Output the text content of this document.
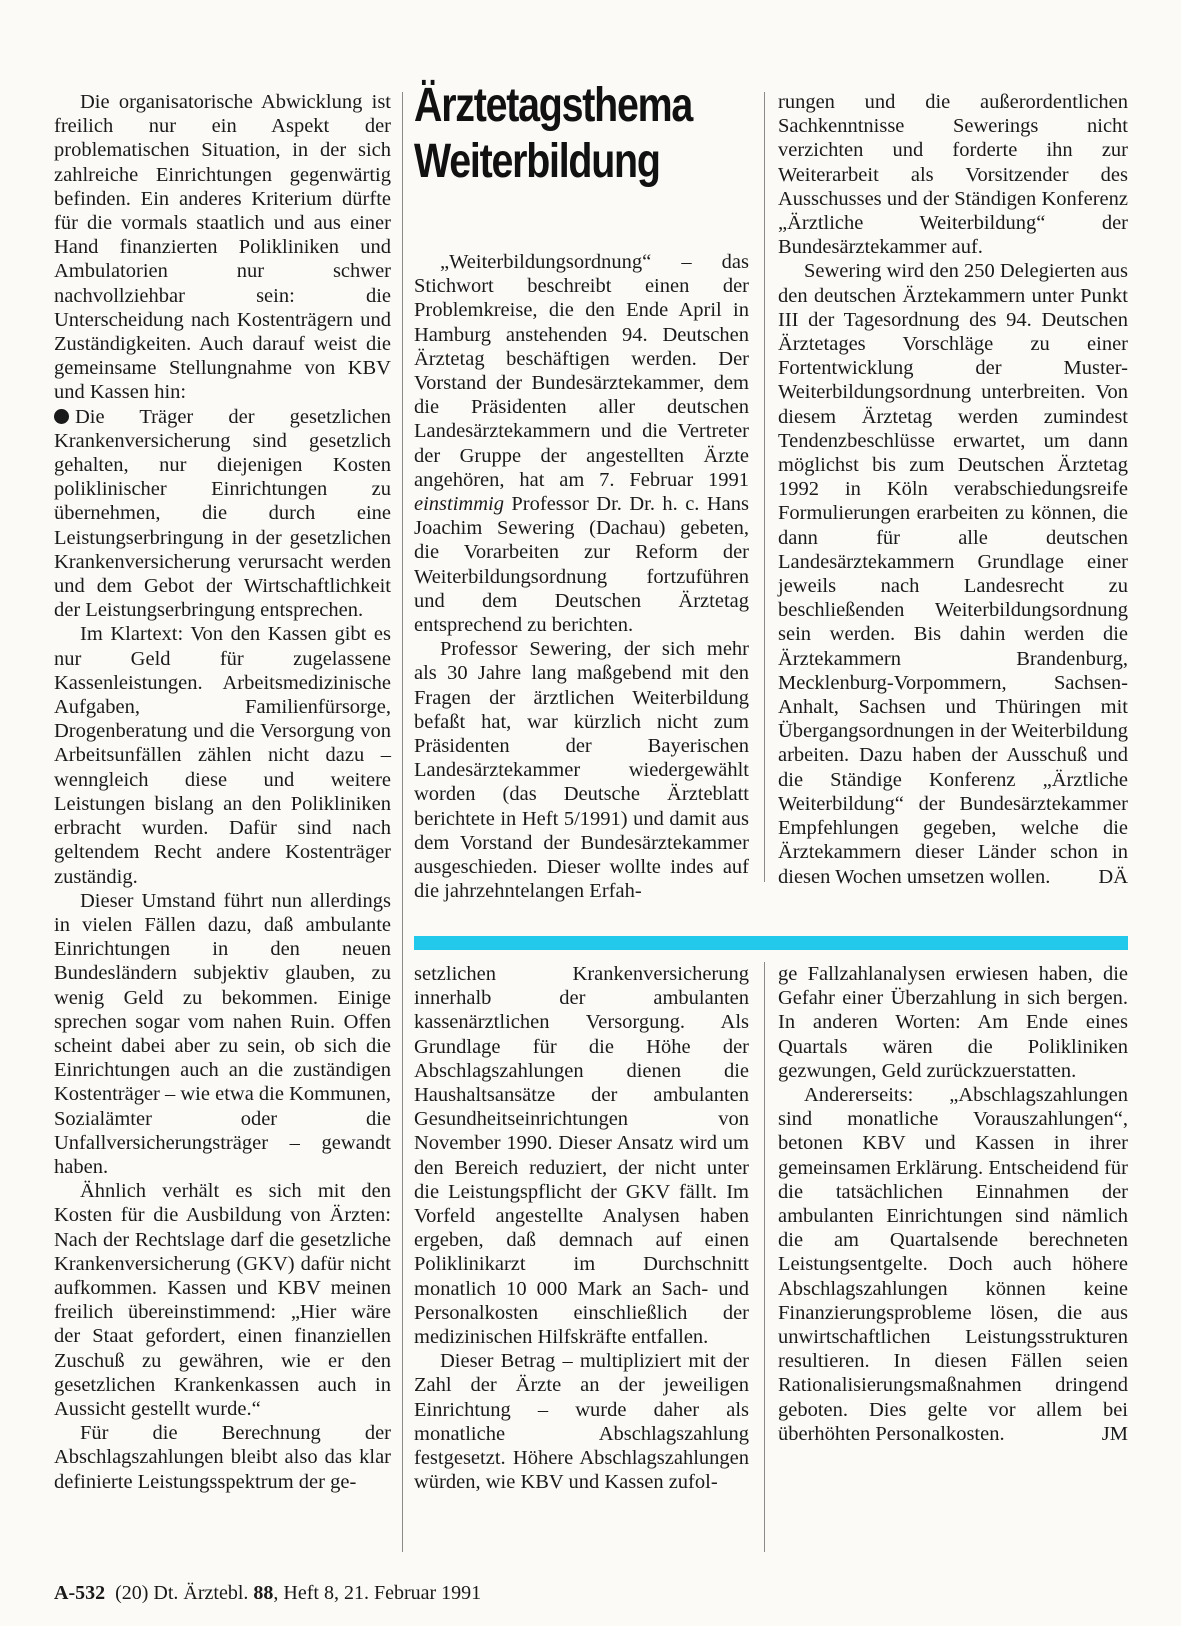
Die organisatorische Abwicklung ist freilich nur ein Aspekt der problematischen Situation, in der sich zahlreiche Einrichtungen gegenwärtig befinden. Ein anderes Kriterium dürfte für die vormals staatlich und aus einer Hand finanzierten Polikliniken und Ambulatorien nur schwer nachvollziehbar sein: die Unterscheidung nach Kostenträgern und Zuständigkeiten. Auch darauf weist die gemeinsame Stellungnahme von KBV und Kassen hin:

Die Träger der gesetzlichen Krankenversicherung sind gesetzlich gehalten, nur diejenigen Kosten poliklinischer Einrichtungen zu übernehmen, die durch eine Leistungserbringung in der gesetzlichen Krankenversicherung verursacht werden und dem Gebot der Wirtschaftlichkeit der Leistungserbringung entsprechen.

Im Klartext: Von den Kassen gibt es nur Geld für zugelassene Kassenleistungen. Arbeitsmedizinische Aufgaben, Familienfürsorge, Drogenberatung und die Versorgung von Arbeitsunfällen zählen nicht dazu – wenngleich diese und weitere Leistungen bislang an den Polikliniken erbracht wurden. Dafür sind nach geltendem Recht andere Kostenträger zuständig.

Dieser Umstand führt nun allerdings in vielen Fällen dazu, daß ambulante Einrichtungen in den neuen Bundesländern subjektiv glauben, zu wenig Geld zu bekommen. Einige sprechen sogar vom nahen Ruin. Offen scheint dabei aber zu sein, ob sich die Einrichtungen auch an die zuständigen Kostenträger – wie etwa die Kommunen, Sozialämter oder die Unfallversicherungsträger – gewandt haben.

Ähnlich verhält es sich mit den Kosten für die Ausbildung von Ärzten: Nach der Rechtslage darf die gesetzliche Krankenversicherung (GKV) dafür nicht aufkommen. Kassen und KBV meinen freilich übereinstimmend: „Hier wäre der Staat gefordert, einen finanziellen Zuschuß zu gewähren, wie er den gesetzlichen Krankenkassen auch in Aussicht gestellt wurde.“

Für die Berechnung der Abschlagszahlungen bleibt also das klar definierte Leistungsspektrum der ge-

Ärztetagsthema
Weiterbildung

„Weiterbildungsordnung“ – das Stichwort beschreibt einen der Problemkreise, die den Ende April in Hamburg anstehenden 94. Deutschen Ärztetag beschäftigen werden. Der Vorstand der Bundesärztekammer, dem die Präsidenten aller deutschen Landesärztekammern und die Vertreter der Gruppe der angestellten Ärzte angehören, hat am 7. Februar 1991 einstimmig Professor Dr. Dr. h. c. Hans Joachim Sewering (Dachau) gebeten, die Vorarbeiten zur Reform der Weiterbildungsordnung fortzuführen und dem Deutschen Ärztetag entsprechend zu berichten.

Professor Sewering, der sich mehr als 30 Jahre lang maßgebend mit den Fragen der ärztlichen Weiterbildung befaßt hat, war kürzlich nicht zum Präsidenten der Bayerischen Landesärztekammer wiedergewählt worden (das Deutsche Ärzteblatt berichtete in Heft 5/1991) und damit aus dem Vorstand der Bundesärztekammer ausgeschieden. Dieser wollte indes auf die jahrzehntelangen Erfah-

rungen und die außerordentlichen Sachkenntnisse Sewerings nicht verzichten und forderte ihn zur Weiterarbeit als Vorsitzender des Ausschusses und der Ständigen Konferenz „Ärztliche Weiterbildung“ der Bundesärztekammer auf.

Sewering wird den 250 Delegierten aus den deutschen Ärztekammern unter Punkt III der Tagesordnung des 94. Deutschen Ärztetages Vorschläge zu einer Fortentwicklung der Muster-Weiterbildungsordnung unterbreiten. Von diesem Ärztetag werden zumindest Tendenzbeschlüsse erwartet, um dann möglichst bis zum Deutschen Ärztetag 1992 in Köln verabschiedungsreife Formulierungen erarbeiten zu können, die dann für alle deutschen Landesärztekammern Grundlage einer jeweils nach Landesrecht zu beschließenden Weiterbildungsordnung sein werden. Bis dahin werden die Ärztekammern Brandenburg, Mecklenburg-Vorpommern, Sachsen-Anhalt, Sachsen und Thüringen mit Übergangsordnungen in der Weiterbildung arbeiten. Dazu haben der Ausschuß und die Ständige Konferenz „Ärztliche Weiterbildung“ der Bundesärztekammer Empfehlungen gegeben, welche die Ärztekammern dieser Länder schon in diesen Wochen umsetzen wollen. DÄ

setzlichen Krankenversicherung innerhalb der ambulanten kassenärztlichen Versorgung. Als Grundlage für die Höhe der Abschlagszahlungen dienen die Haushaltsansätze der ambulanten Gesundheitseinrichtungen von November 1990. Dieser Ansatz wird um den Bereich reduziert, der nicht unter die Leistungspflicht der GKV fällt. Im Vorfeld angestellte Analysen haben ergeben, daß demnach auf einen Poliklinikarzt im Durchschnitt monatlich 10 000 Mark an Sach- und Personalkosten einschließlich der medizinischen Hilfskräfte entfallen.

Dieser Betrag – multipliziert mit der Zahl der Ärzte an der jeweiligen Einrichtung – wurde daher als monatliche Abschlagszahlung festgesetzt. Höhere Abschlagszahlungen würden, wie KBV und Kassen zufol-

ge Fallzahlanalysen erwiesen haben, die Gefahr einer Überzahlung in sich bergen. In anderen Worten: Am Ende eines Quartals wären die Polikliniken gezwungen, Geld zurückzuerstatten.

Andererseits: „Abschlagszahlungen sind monatliche Vorauszahlungen“, betonen KBV und Kassen in ihrer gemeinsamen Erklärung. Entscheidend für die tatsächlichen Einnahmen der ambulanten Einrichtungen sind nämlich die am Quartalsende berechneten Leistungsentgelte. Doch auch höhere Abschlagszahlungen können keine Finanzierungsprobleme lösen, die aus unwirtschaftlichen Leistungsstrukturen resultieren. In diesen Fällen seien Rationalisierungsmaßnahmen dringend geboten. Dies gelte vor allem bei überhöhten Personalkosten.	JM

A-532 (20) Dt. Ärztebl. 88, Heft 8, 21. Februar 1991
